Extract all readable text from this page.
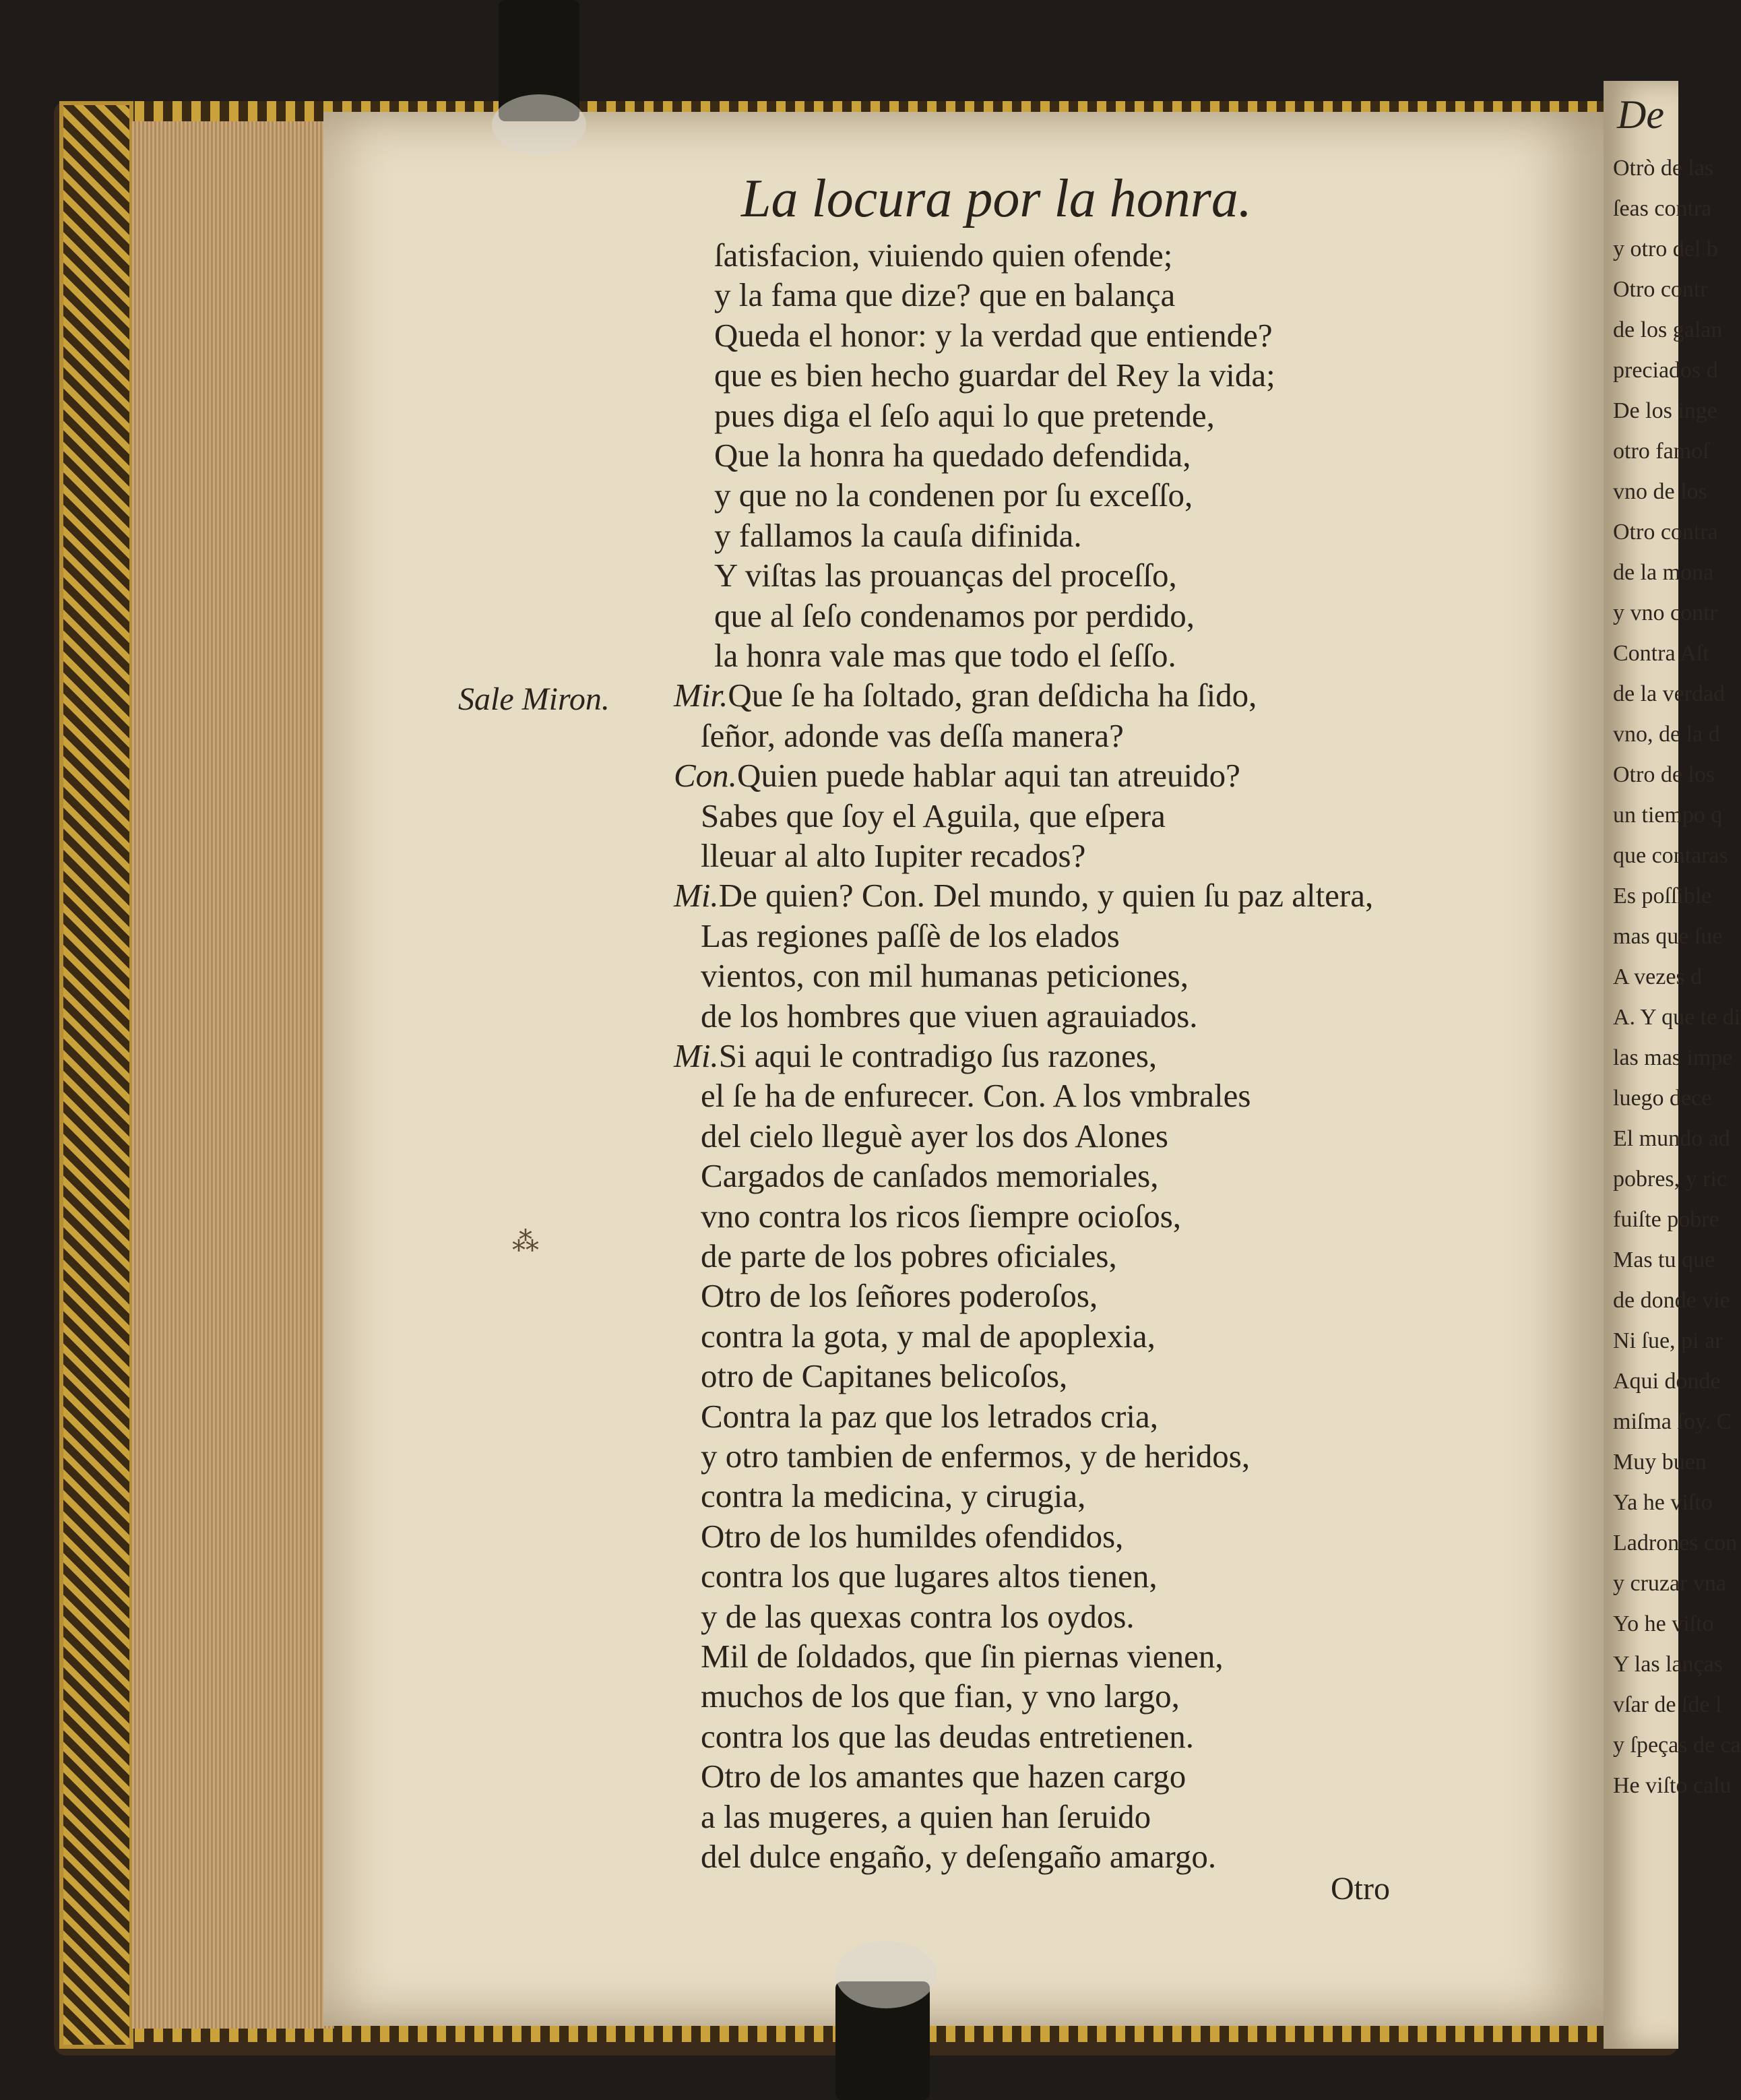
De
Otrò de las
ſeas contra
y otro del b
Otro contr
de los galan
preciados d
De los inge
otro famoſ
vno de los
Otro contra
de la mona
y vno contr
Contra Aſt
de la verdad
vno, de la d
Otro de los
un tiempo q
que contaras
Es poſſible
mas que ſue
A vezes d
A. Y que te di
las mas impe
luego dece
El mundo ad
pobres, y ric
fuiſte pobre
Mas tu que
de donde vie
Ni ſue, pi ar
Aqui donde
miſma ſoy. C
Muy buen
Ya he viſto
Ladrones con
y cruzar vna
Yo he viſto
Y las lanças
vſar de ſde l
y ſpeças de ca
He viſto calu
La locura por la honra.
Sale Miron.
ſatisfacion, viuiendo quien ofende;
y la fama que dize? que en balança
Queda el honor: y la verdad que entiende?
que es bien hecho guardar del Rey la vida;
pues diga el ſeſo aqui lo que pretende,
Que la honra ha quedado defendida,
y que no la condenen por ſu exceſſo,
y fallamos la cauſa difinida.
Y viſtas las prouanças del proceſſo,
que al ſeſo condenamos por perdido,
la honra vale mas que todo el ſeſſo.
Mir.Que ſe ha ſoltado, gran deſdicha ha ſido,
ſeñor, adonde vas deſſa manera?
Con.Quien puede hablar aqui tan atreuido?
Sabes que ſoy el Aguila, que eſpera
lleuar al alto Iupiter recados?
Mi.De quien? Con. Del mundo, y quien ſu paz altera,
Las regiones paſſè de los elados
vientos, con mil humanas peticiones,
de los hombres que viuen agrauiados.
Mi.Si aqui le contradigo ſus razones,
el ſe ha de enfurecer. Con. A los vmbrales
del cielo lleguè ayer los dos Alones
Cargados de canſados memoriales,
vno contra los ricos ſiempre ocioſos,
de parte de los pobres oficiales,
Otro de los ſeñores poderoſos,
contra la gota, y mal de apoplexia,
otro de Capitanes belicoſos,
Contra la paz que los letrados cria,
y otro tambien de enfermos, y de heridos,
contra la medicina, y cirugia,
Otro de los humildes ofendidos,
contra los que lugares altos tienen,
y de las quexas contra los oydos.
Mil de ſoldados, que ſin piernas vienen,
muchos de los que fian, y vno largo,
contra los que las deudas entretienen.
Otro de los amantes que hazen cargo
a las mugeres, a quien han ſeruido
del dulce engaño, y deſengaño amargo.
⁂
Otro
